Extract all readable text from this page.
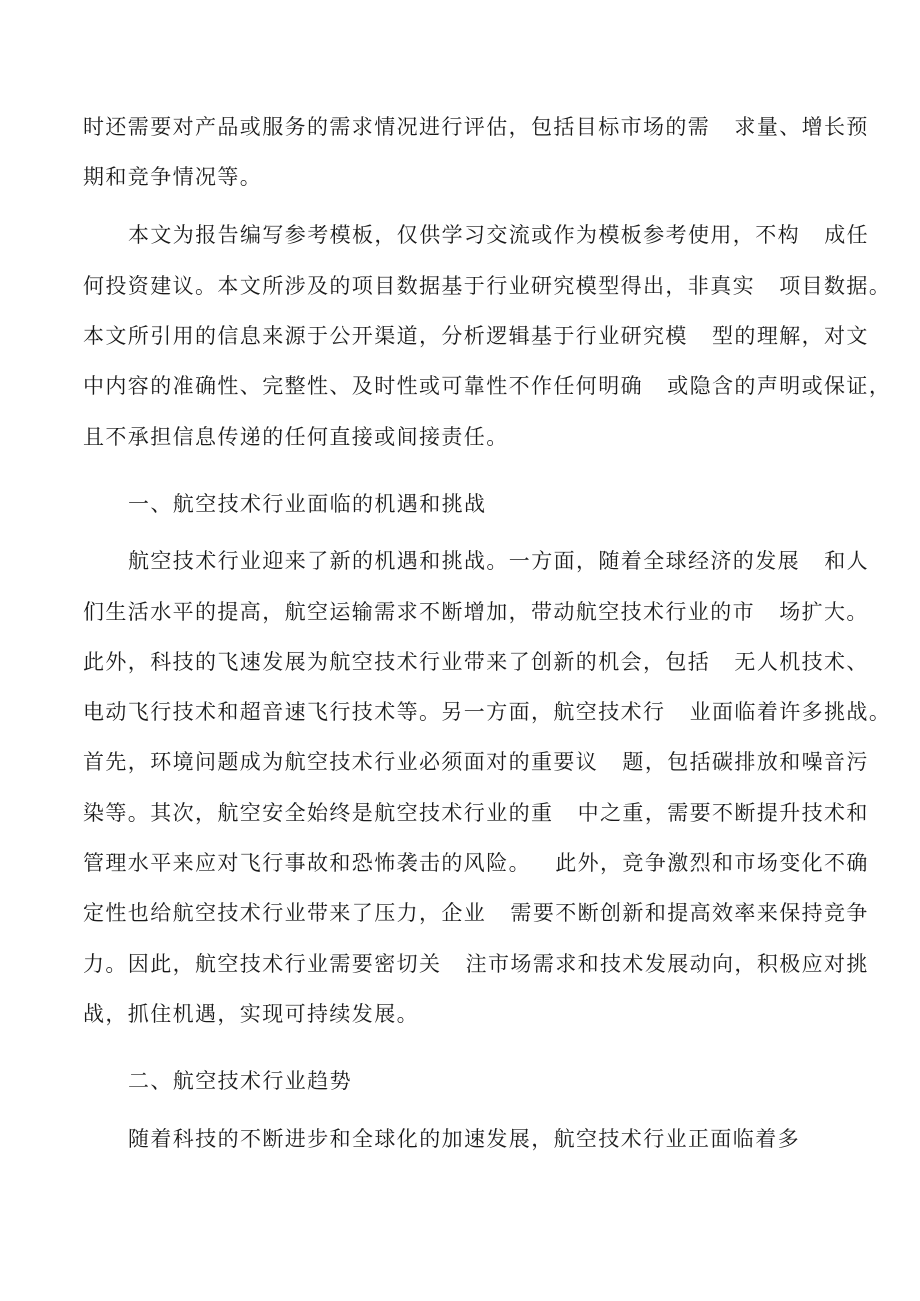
时还需要对产品或服务的需求情况进行评估，包括目标市场的需   求量、增长预
期和竞争情况等。
本文为报告编写参考模板，仅供学习交流或作为模板参考使用，不构   成任
何投资建议。本文所涉及的项目数据基于行业研究模型得出，非真实   项目数据。
本文所引用的信息来源于公开渠道，分析逻辑基于行业研究模   型的理解，对文
中内容的准确性、完整性、及时性或可靠性不作任何明确   或隐含的声明或保证，
且不承担信息传递的任何直接或间接责任。
一、航空技术行业面临的机遇和挑战
航空技术行业迎来了新的机遇和挑战。一方面，随着全球经济的发展   和人
们生活水平的提高，航空运输需求不断增加，带动航空技术行业的市   场扩大。
此外，科技的飞速发展为航空技术行业带来了创新的机会，包括   无人机技术、
电动飞行技术和超音速飞行技术等。另一方面，航空技术行   业面临着许多挑战。
首先，环境问题成为航空技术行业必须面对的重要议   题，包括碳排放和噪音污
染等。其次，航空安全始终是航空技术行业的重   中之重，需要不断提升技术和
管理水平来应对飞行事故和恐怖袭击的风险。   此外，竞争激烈和市场变化不确
定性也给航空技术行业带来了压力，企业   需要不断创新和提高效率来保持竞争
力。因此，航空技术行业需要密切关   注市场需求和技术发展动向，积极应对挑
战，抓住机遇，实现可持续发展。
二、航空技术行业趋势
随着科技的不断进步和全球化的加速发展，航空技术行业正面临着多
